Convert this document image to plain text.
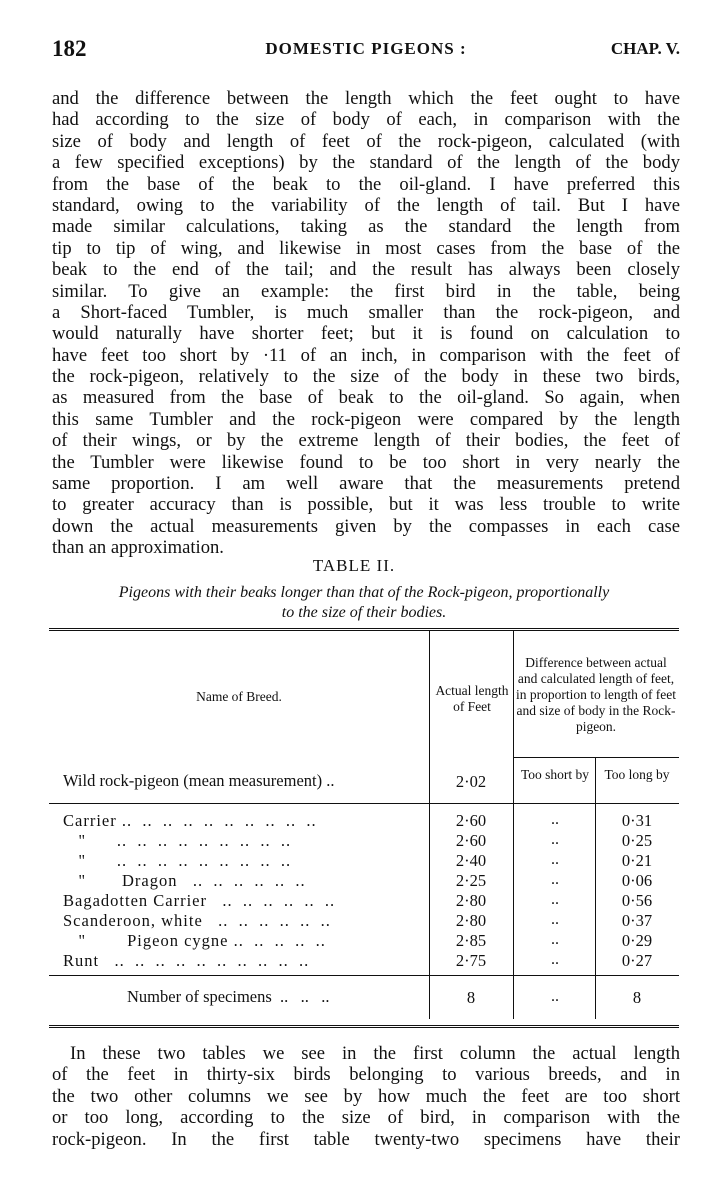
182	DOMESTIC PIGEONS :	CHAP. V.
and the difference between the length which the feet ought to have
had according to the size of body of each, in comparison with the
size of body and length of feet of the rock-pigeon, calculated (with
a few specified exceptions) by the standard of the length of the body
from the base of the beak to the oil-gland. I have preferred this
standard, owing to the variability of the length of tail. But I have
made similar calculations, taking as the standard the length from
tip to tip of wing, and likewise in most cases from the base of the
beak to the end of the tail; and the result has always been closely
similar. To give an example: the first bird in the table, being
a Short-faced Tumbler, is much smaller than the rock-pigeon, and
would naturally have shorter feet; but it is found on calculation to
have feet too short by ·11 of an inch, in comparison with the feet of
the rock-pigeon, relatively to the size of the body in these two birds,
as measured from the base of beak to the oil-gland. So again, when
this same Tumbler and the rock-pigeon were compared by the length
of their wings, or by the extreme length of their bodies, the feet of
the Tumbler were likewise found to be too short in very nearly the
same proportion. I am well aware that the measurements pretend
to greater accuracy than is possible, but it was less trouble to write
down the actual measurements given by the compasses in each case
than an approximation.
TABLE II.
Pigeons with their beaks longer than that of the Rock-pigeon, proportionally
to the size of their bodies.
Name of Breed.	Actual length of Feet
Difference between actual and calculated length of feet, in proportion to length of feet and size of body in the Rock-pigeon.
Too short by	Too long by
Wild rock-pigeon (mean measurement) ..	2·02
Carrier ..  ..  ..  ..  ..  ..  ..  ..  ..  ..	2·60	..	0·31
"      ..  ..  ..  ..  ..  ..  ..  ..  ..	2·60	..	0·25
"      ..  ..  ..  ..  ..  ..  ..  ..  ..	2·40	..	0·21
"       Dragon   ..  ..  ..  ..  ..  ..	2·25	..	0·06
Bagadotten Carrier   ..  ..  ..  ..  ..  ..	2·80	..	0·56
Scanderoon, white   ..  ..  ..  ..  ..  ..	2·80	..	0·37
"        Pigeon cygne ..  ..  ..  ..  ..	2·85	..	0·29
Runt   ..  ..  ..  ..  ..  ..  ..  ..  ..  ..	2·75	..	0·27
Number of specimens  ..   ..   ..	8	..	8
In these two tables we see in the first column the actual length
of the feet in thirty-six birds belonging to various breeds, and in
the two other columns we see by how much the feet are too short
or too long, according to the size of bird, in comparison with the
rock-pigeon. In the first table twenty-two specimens have their
